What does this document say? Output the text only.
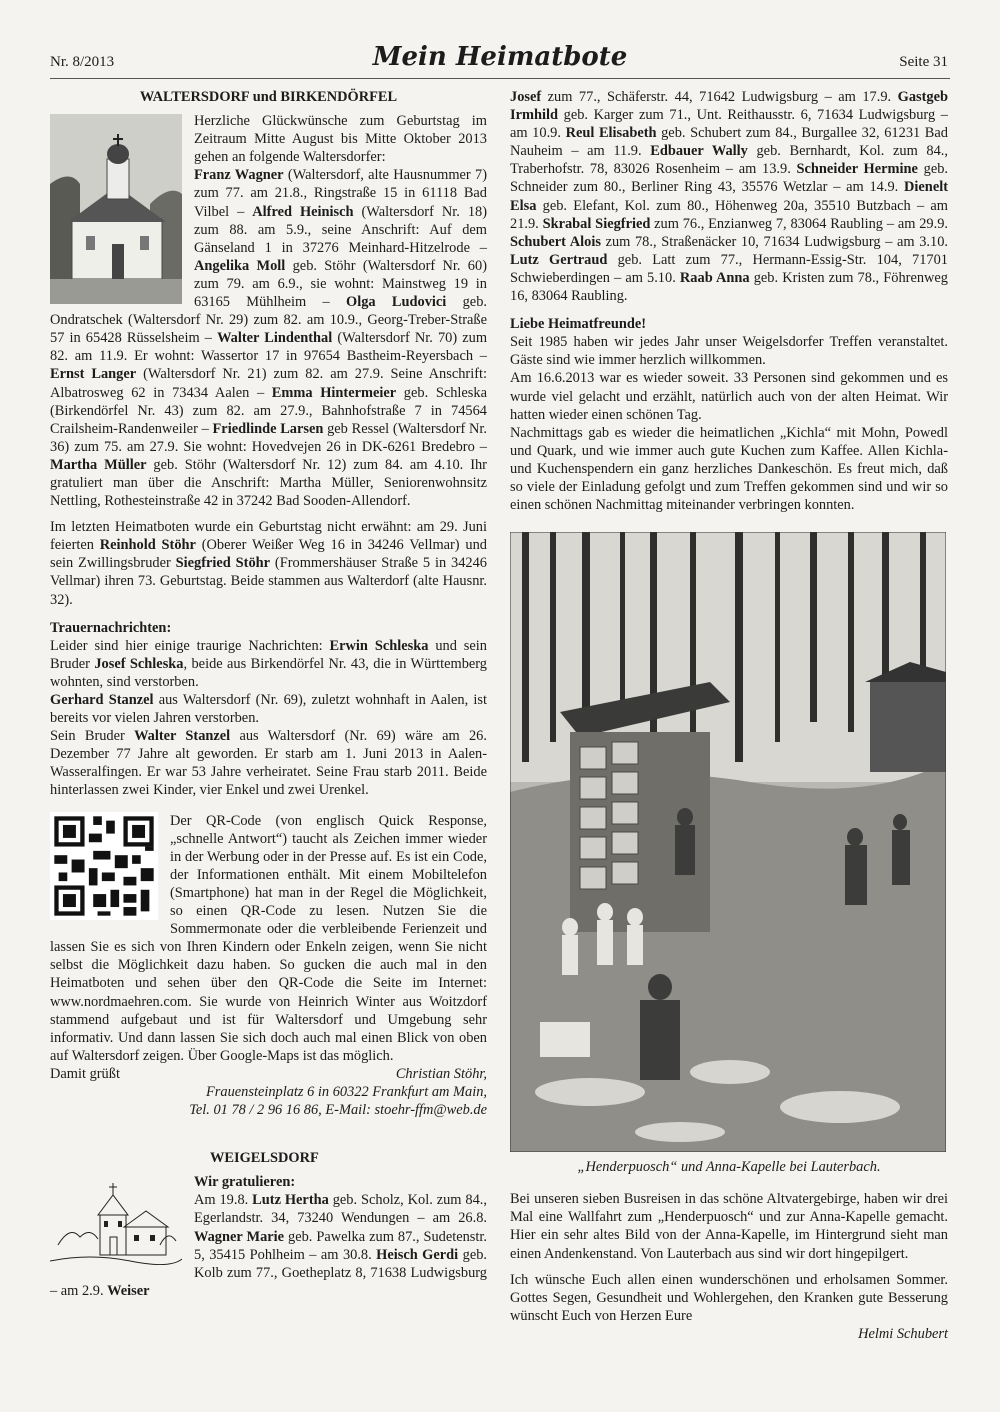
Nr. 8/2013	Mein Heimatbote	Seite 31
WALTERSDORF und BIRKENDÖRFEL

Herzliche Glückwünsche zum Geburtstag im Zeitraum Mitte August bis Mitte Oktober 2013 gehen an folgende Waltersdorfer:

Franz Wagner (Waltersdorf, alte Hausnummer 7) zum 77. am 21.8., Ringstraße 15 in 61118 Bad Vilbel – Alfred Heinisch (Waltersdorf Nr. 18) zum 88. am 5.9., seine Anschrift: Auf dem Gänseland 1 in 37276 Meinhard-Hitzelrode – Angelika Moll geb. Stöhr (Waltersdorf Nr. 60) zum 79. am 6.9., sie wohnt: Mainstweg 19 in 63165 Mühlheim – Olga Ludovici geb. Ondratschek (Waltersdorf Nr. 29) zum 82. am 10.9., Georg-Treber-Straße 57 in 65428 Rüsselsheim – Walter Lindenthal (Waltersdorf Nr. 70) zum 82. am 11.9. Er wohnt: Wassertor 17 in 97654 Bastheim-Reyersbach – Ernst Langer (Waltersdorf Nr. 21) zum 82. am 27.9. Seine Anschrift: Albatrosweg 62 in 73434 Aalen – Emma Hintermeier geb. Schleska (Birkendörfel Nr. 43) zum 82. am 27.9., Bahnhofstraße 7 in 74564 Crailsheim-Randenweiler – Friedlinde Larsen geb Ressel (Waltersdorf Nr. 36) zum 75. am 27.9. Sie wohnt: Hovedvejen 26 in DK-6261 Bredebro – Martha Müller geb. Stöhr (Waltersdorf Nr. 12) zum 84. am 4.10. Ihr gratuliert man über die Anschrift: Martha Müller, Seniorenwohnsitz Nettling, Rothesteinstraße 42 in 37242 Bad Sooden-Allendorf.

Im letzten Heimatboten wurde ein Geburtstag nicht erwähnt: am 29. Juni feierten Reinhold Stöhr (Oberer Weißer Weg 16 in 34246 Vellmar) und sein Zwillingsbruder Siegfried Stöhr (Frommershäuser Straße 5 in 34246 Vellmar) ihren 73. Geburtstag. Beide stammen aus Walterdorf (alte Hausnr. 32).

Trauernachrichten:

Leider sind hier einige traurige Nachrichten: Erwin Schleska und sein Bruder Josef Schleska, beide aus Birkendörfel Nr. 43, die in Württemberg wohnten, sind verstorben.

Gerhard Stanzel aus Waltersdorf (Nr. 69), zuletzt wohnhaft in Aalen, ist bereits vor vielen Jahren verstorben.

Sein Bruder Walter Stanzel aus Waltersdorf (Nr. 69) wäre am 26. Dezember 77 Jahre alt geworden. Er starb am 1. Juni 2013 in Aalen-Wasseralfingen. Er war 53 Jahre verheiratet. Seine Frau starb 2011. Beide hinterlassen zwei Kinder, vier Enkel und zwei Urenkel.

Der QR-Code (von englisch Quick Response, „schnelle Antwort“) taucht als Zeichen immer wieder in der Werbung oder in der Presse auf. Es ist ein Code, der Informationen enthält. Mit einem Mobiltelefon (Smartphone) hat man in der Regel die Möglichkeit, so einen QR-Code zu lesen. Nutzen Sie die Sommermonate oder die verbleibende Ferienzeit und lassen Sie es sich von Ihren Kindern oder Enkeln zeigen, wenn Sie nicht selbst die Möglichkeit dazu haben. So gucken die auch mal in den Heimatboten und sehen über den QR-Code die Seite im Internet: www.nordmaehren.com. Sie wurde von Heinrich Winter aus Woitzdorf stammend aufgebaut und ist für Waltersdorf und Umgebung sehr informativ. Und dann lassen Sie sich doch auch mal einen Blick von oben auf Waltersdorf zeigen. Über Google-Maps ist das möglich.

Damit grüßt	Christian Stöhr,

Frauensteinplatz 6 in 60322 Frankfurt am Main,

Tel. 01 78 / 2 96 16 86, E-Mail: stoehr-ffm@web.de

WEIGELSDORF
Wir gratulieren:

Am 19.8. Lutz Hertha geb. Scholz, Kol. zum 84., Egerlandstr. 34, 73240 Wendungen – am 26.8. Wagner Marie geb. Pawelka zum 87., Sudetenstr. 5, 35415 Pohlheim – am 30.8. Heisch Gerdi geb. Kolb zum 77., Goetheplatz 8, 71638 Ludwigsburg – am 2.9. Weiser

Josef zum 77., Schäferstr. 44, 71642 Ludwigsburg – am 17.9. Gastgeb Irmhild geb. Karger zum 71., Unt. Reithausstr. 6, 71634 Ludwigsburg – am 10.9. Reul Elisabeth geb. Schubert zum 84., Burgallee 32, 61231 Bad Nauheim – am 11.9. Edbauer Wally geb. Bernhardt, Kol. zum 84., Traberhofstr. 78, 83026 Rosenheim – am 13.9. Schneider Hermine geb. Schneider zum 80., Berliner Ring 43, 35576 Wetzlar – am 14.9. Dienelt Elsa geb. Elefant, Kol. zum 80., Höhenweg 20a, 35510 Butzbach – am 21.9. Skrabal Siegfried zum 76., Enzianweg 7, 83064 Raubling – am 29.9. Schubert Alois zum 78., Straßenäcker 10, 71634 Ludwigsburg – am 3.10. Lutz Gertraud geb. Latt zum 77., Hermann-Essig-Str. 104, 71701 Schwieberdingen – am 5.10. Raab Anna geb. Kristen zum 78., Föhrenweg 16, 83064 Raubling.

Liebe Heimatfreunde!

Seit 1985 haben wir jedes Jahr unser Weigelsdorfer Treffen veranstaltet. Gäste sind wie immer herzlich willkommen.

Am 16.6.2013 war es wieder soweit. 33 Personen sind gekommen und es wurde viel gelacht und erzählt, natürlich auch von der alten Heimat. Wir hatten wieder einen schönen Tag.

Nachmittags gab es wieder die heimatlichen „Kichla“ mit Mohn, Powedl und Quark, und wie immer auch gute Kuchen zum Kaffee. Allen Kichla- und Kuchenspendern ein ganz herzliches Dankeschön. Es freut mich, daß so viele der Einladung gefolgt und zum Treffen gekommen sind und wir so einen schönen Nachmittag miteinander verbringen konnten.

„Henderpuosch“ und Anna-Kapelle bei Lauterbach.

Bei unseren sieben Busreisen in das schöne Altvatergebirge, haben wir drei Mal eine Wallfahrt zum „Henderpuosch“ und zur Anna-Kapelle gemacht. Hier ein sehr altes Bild von der Anna-Kapelle, im Hintergrund sieht man einen Andenkenstand. Von Lauterbach aus sind wir dort hingepilgert.

Ich wünsche Euch allen einen wunderschönen und erholsamen Sommer. Gottes Segen, Gesundheit und Wohlergehen, den Kranken gute Besserung wünscht Euch von Herzen Eure

Helmi Schubert
